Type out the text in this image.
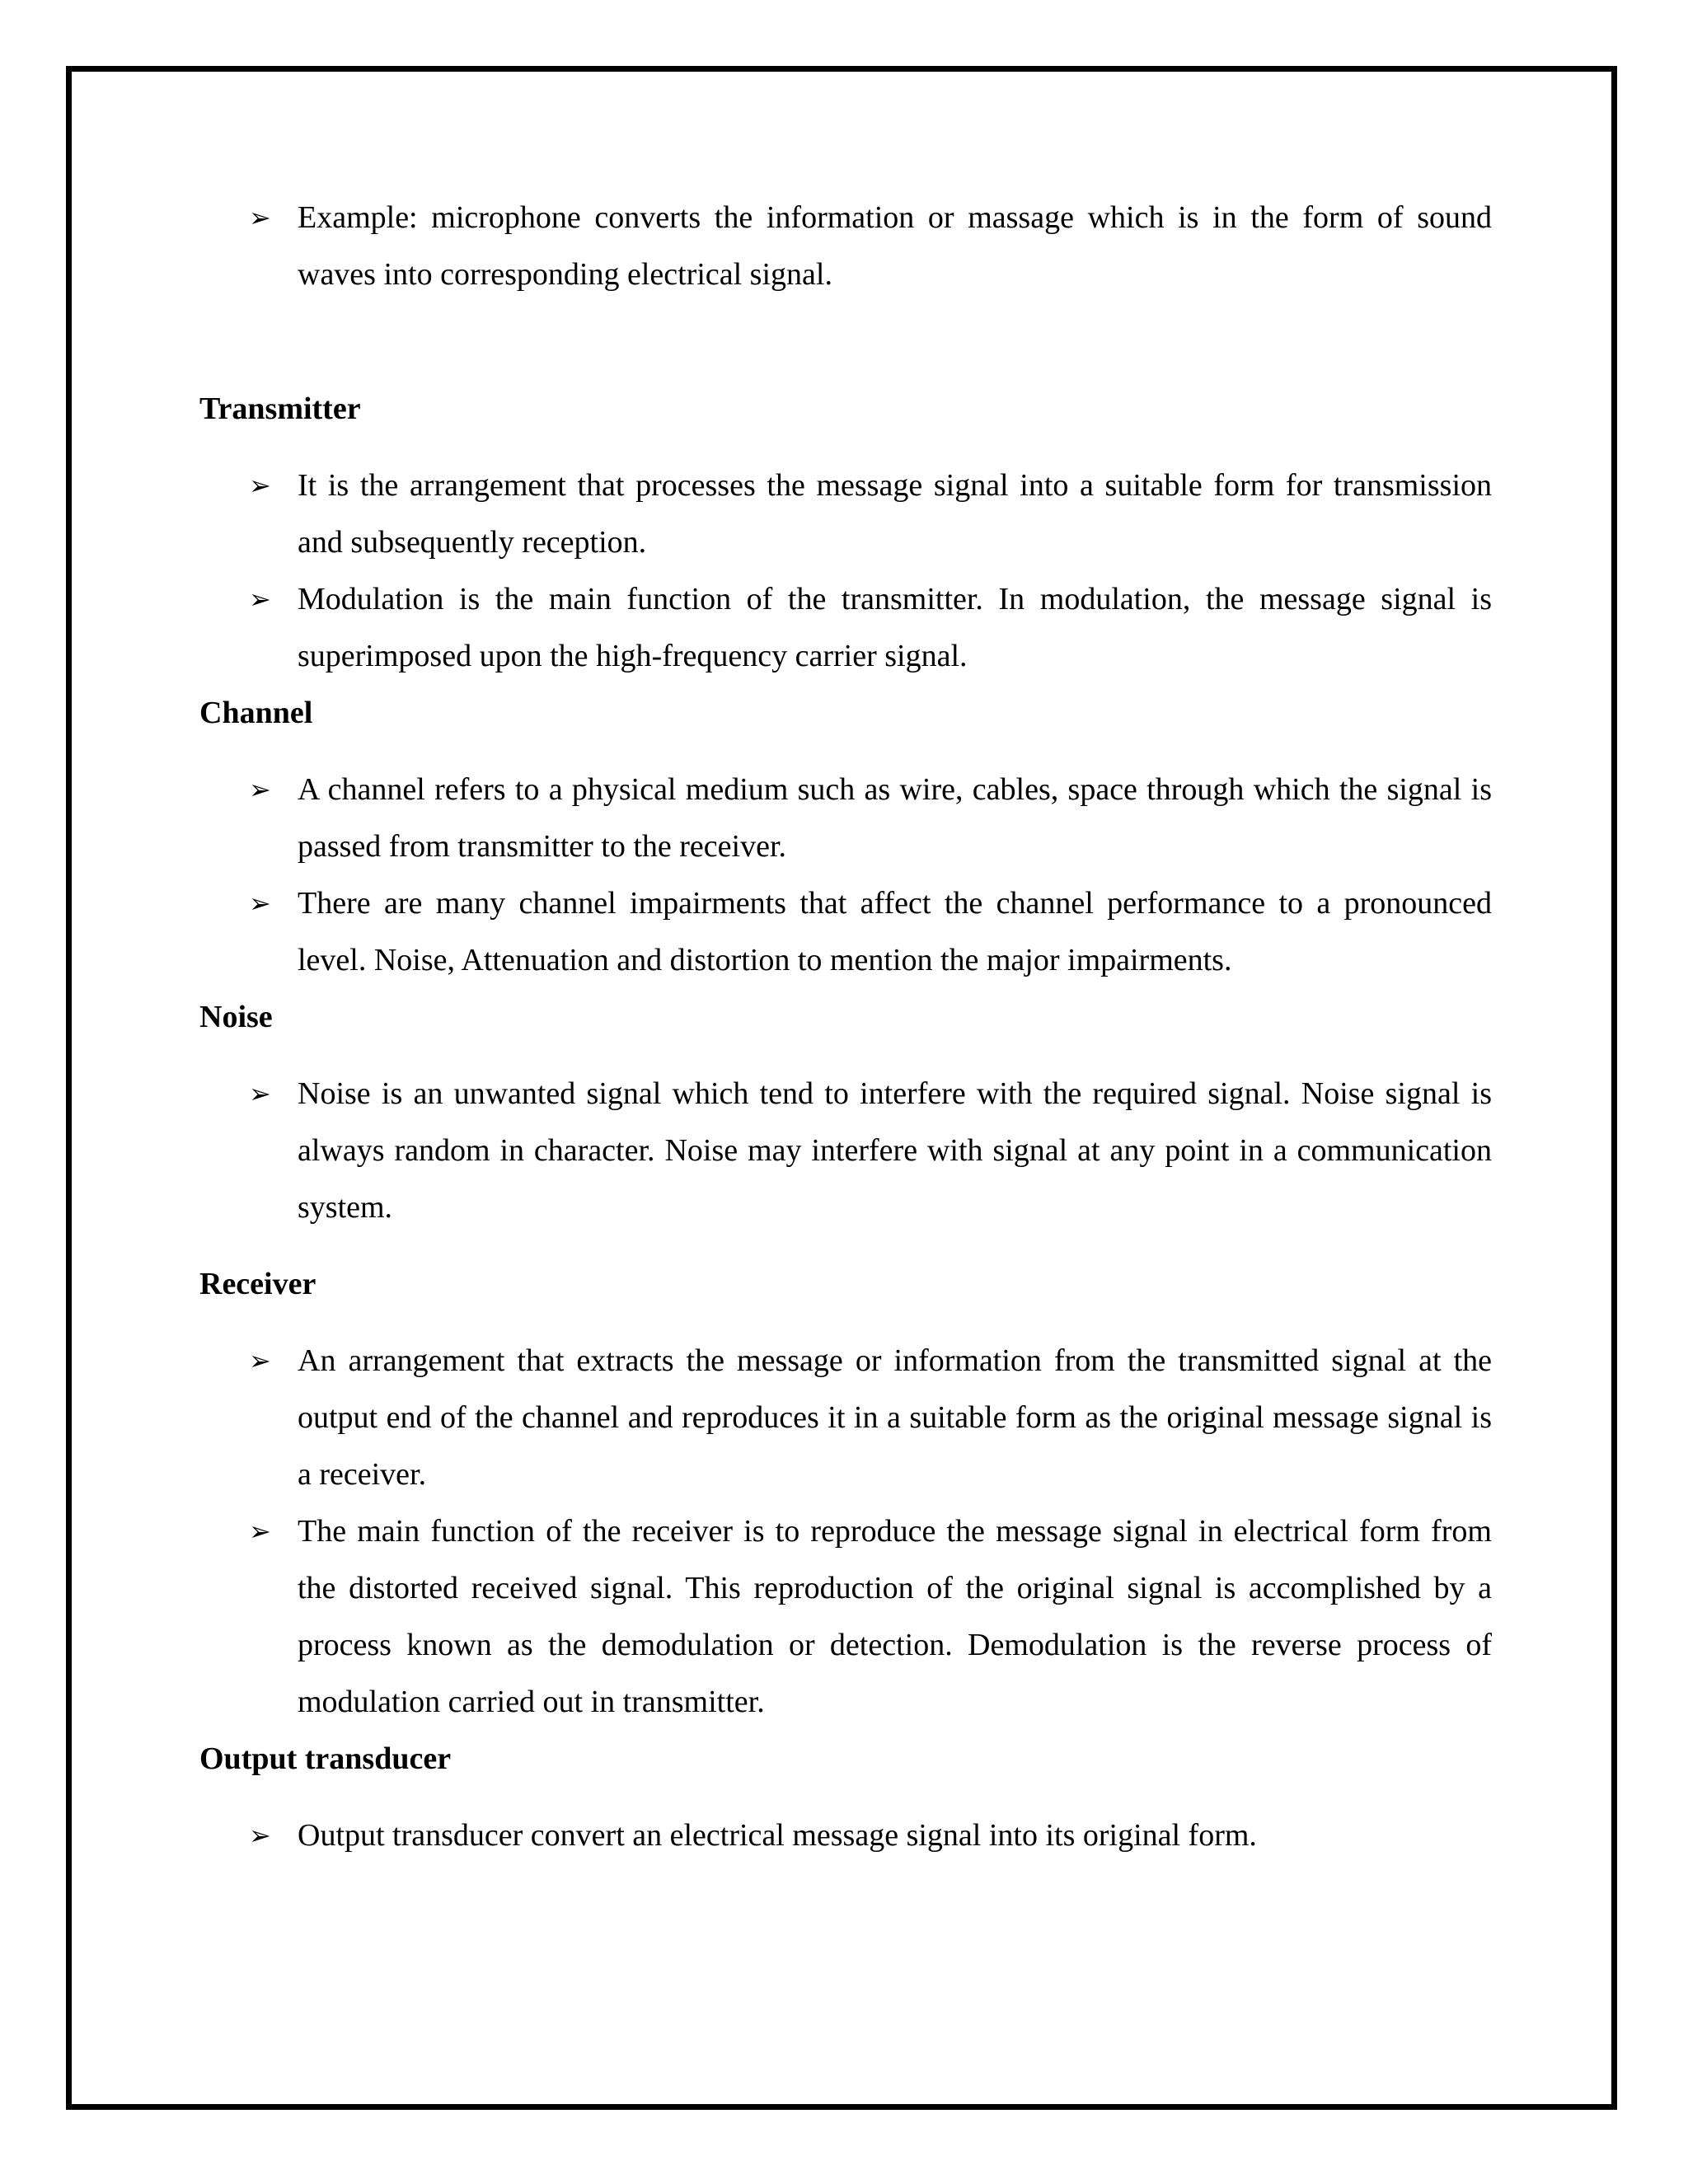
➢ Example: microphone converts the information or massage which is in the form of sound waves into corresponding electrical signal.
Transmitter
➢ It is the arrangement that processes the message signal into a suitable form for transmission and subsequently reception.
➢ Modulation is the main function of the transmitter. In modulation, the message signal is superimposed upon the high-frequency carrier signal.
Channel
➢ A channel refers to a physical medium such as wire, cables, space through which the signal is passed from transmitter to the receiver.
➢ There are many channel impairments that affect the channel performance to a pronounced level. Noise, Attenuation and distortion to mention the major impairments.
Noise
➢ Noise is an unwanted signal which tend to interfere with the required signal. Noise signal is always random in character. Noise may interfere with signal at any point in a communication system.
Receiver
➢ An arrangement that extracts the message or information from the transmitted signal at the output end of the channel and reproduces it in a suitable form as the original message signal is a receiver.
➢ The main function of the receiver is to reproduce the message signal in electrical form from the distorted received signal. This reproduction of the original signal is accomplished by a process known as the demodulation or detection. Demodulation is the reverse process of modulation carried out in transmitter.
Output transducer
➢ Output transducer convert an electrical message signal into its original form.
